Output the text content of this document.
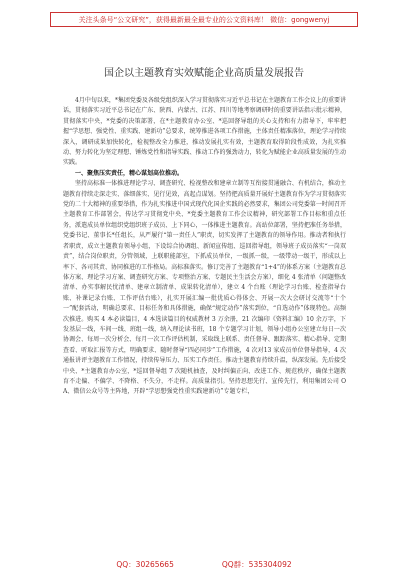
关注头条号“公文研究”，获得最新最全最专业的公文资料库！ 微信：gongwenyj
国企以主题教育实效赋能企业高质量发展报告

4月中旬以来，*集团党委及各级党组织深入学习贯彻落实习近平总书记在主题教育工作会议上的重要讲话，贯彻落实习近平总书记在广东、陕西、内蒙古、江苏、四川等地考察调研时的重要讲话指示批示精神，贯彻落实中央，*党委的决策部署，在*主题教育办公室、*巡回督导组的关心支持和有力指导下，牢牢把握“学思想、强党性、重实践、建新功”总要求，统筹推进各项工作措施，主体责任精准落位，理论学习持续深入，调研成果加快转化，检视整改全力推进，推动发展扎实有效，主题教育取得阶段性成效，为扎实推动、努力转化为坚定理想、锤炼党性和指导实践、推动工作的强劲动力，转化为赋能企业高质量发展的生动实践。

一、聚焦压实责任，精心谋划高位推动。

坚持高标准一体推进理论学习、调查研究、检视整改和建章立制等互衔接贯通融合、有机结合，推动主题教育持续走深走实、落细落实、见行见效，高起点谋划。坚持把高质量开展好主题教育作为学习贯彻落实党的二十大精神的重要举措，作为扎实推进中国式现代化国企实践的必然要求，集团公司党委第一时间召开主题教育工作部署会，传达学习贯彻党中央、*党委主题教育工作会议精神，研究部署工作目标和重点任务，派遣成员单位组织党组织班子成员、上下同心，一体推进主题教育。高站位部署，坚持把准任务举措，党委书记、董事长*任组长，从严履行“第一责任人”职责，切实发挥了主题教育的领导作用。推动者和执行者职责，成立主题教育领导小组，下设综合协调组、新闻宣传组、巡回指导组，领导班子成员落实“一岗双责”，结合岗位职责，分管领域，上联职能部室，下抓成员单位，一级抓一级，一级带动一级干，形成以上率下、各司其责、协同推进的工作格局。高标准落实。修订完善了主题教育“1+4”的体系方案（主题教育总体方案、理论学习方案、调查研究方案、专项整治方案、专题民主生活会方案），细化 4 张清单（问题整改清单、办实事解民忧清单、建章立制清单、成果转化清单），建立 4 个台账（理论学习台账、检查指导台账、补课记录台账、工作评估台账），扎实开展汇编一批优质心得体会、开展一次大会研讨交流等“十个一”配套活动，明确总要求、目标任务和具体措施，确保“规定动作”落实到位，“自选动作”体现特色。高频次推进。购买 4 本必读篇目，4 本选读篇目的权威教材 3 万余册，21 次编印《资料汇编》10 余万字，下发基层一线，车间一线、班组一线，纳入理论读书班，18 个专题学习计划，领导小组办公室建立每日一次协调会、每周一次分析会、每月一次工作评估机制，采取线上联系、责任督导、跟踪落实、精心指导、定期查看、听取汇报等方式，明确要求、随时督导“四必同步”工作措施，4 次对13 家成员单位督导指导，4 次通报讲评主题教育工作情况，持续传导压力、压实工作责任。推动主题教育持续升温，纵深发展。先后接受中央、*主题教育办公室，*巡回督导组 7 次随机抽查，及时纠偏正向、改进工作、规范秩序，确保主题教育不走偏、不偏学、不降格、不失分，不走样。高质量指引。坚持思想先行、宣传先行，利用集团公司 OA、微信公众号等主阵地，开辟“学思想强党性重实践建新功”专题专栏，

QQ：30265665	QQ群：535304092
